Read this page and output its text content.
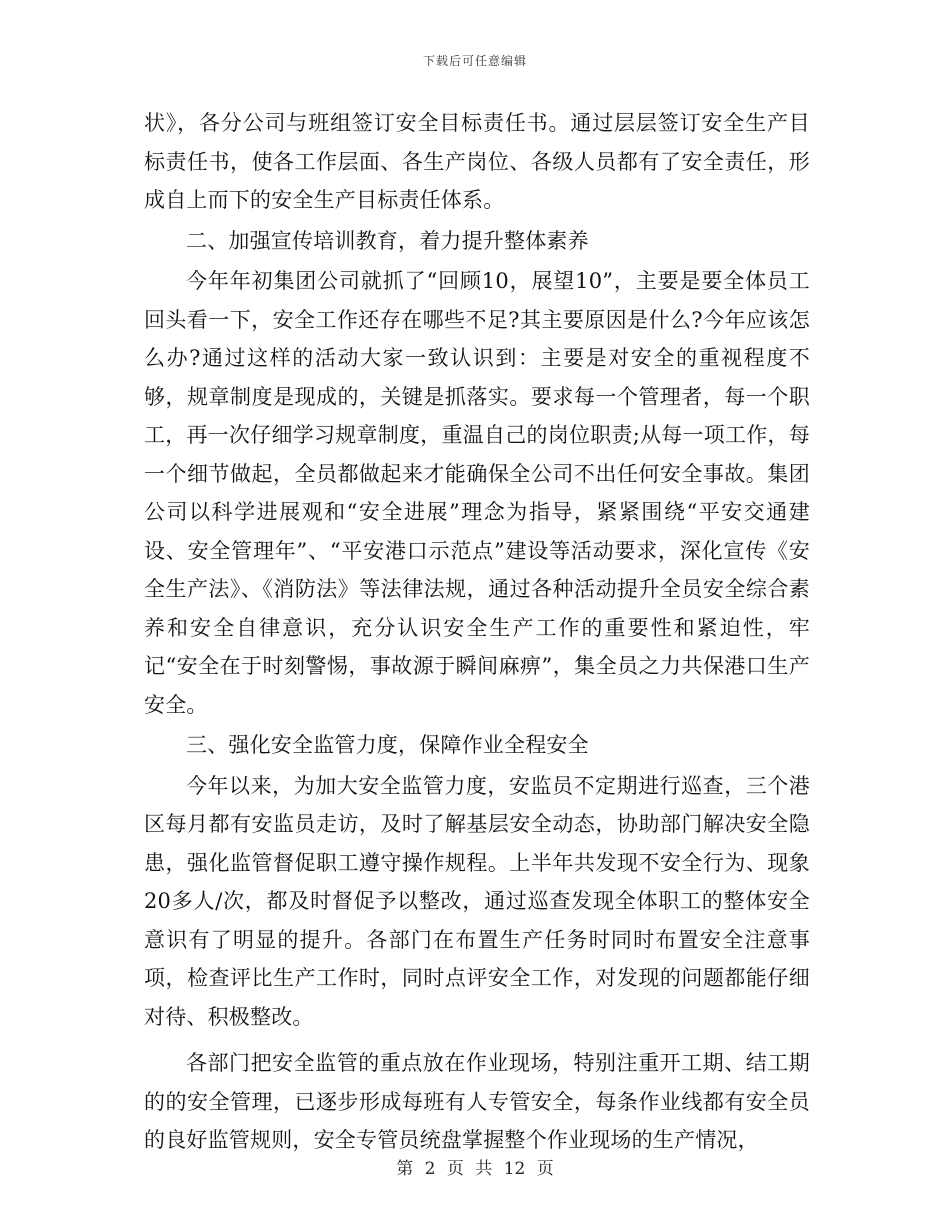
下载后可任意编辑

状》，各分公司与班组签订安全目标责任书。通过层层签订安全生产目标责任书，使各工作层面、各生产岗位、各级人员都有了安全责任，形成自上而下的安全生产目标责任体系。

二、加强宣传培训教育，着力提升整体素养

今年年初集团公司就抓了“回顾10，展望10”，主要是要全体员工回头看一下，安全工作还存在哪些不足?其主要原因是什么?今年应该怎么办?通过这样的活动大家一致认识到：主要是对安全的重视程度不够，规章制度是现成的，关键是抓落实。要求每一个管理者，每一个职工，再一次仔细学习规章制度，重温自己的岗位职责;从每一项工作，每一个细节做起，全员都做起来才能确保全公司不出任何安全事故。集团公司以科学进展观和“安全进展”理念为指导，紧紧围绕“平安交通建设、安全管理年”、“平安港口示范点”建设等活动要求，深化宣传《安全生产法》、《消防法》等法律法规，通过各种活动提升全员安全综合素养和安全自律意识，充分认识安全生产工作的重要性和紧迫性，牢记“安全在于时刻警惕，事故源于瞬间麻痹”，集全员之力共保港口生产安全。

三、强化安全监管力度，保障作业全程安全

今年以来，为加大安全监管力度，安监员不定期进行巡查，三个港区每月都有安监员走访，及时了解基层安全动态，协助部门解决安全隐患，强化监管督促职工遵守操作规程。上半年共发现不安全行为、现象20多人/次，都及时督促予以整改，通过巡查发现全体职工的整体安全意识有了明显的提升。各部门在布置生产任务时同时布置安全注意事项，检查评比生产工作时，同时点评安全工作，对发现的问题都能仔细对待、积极整改。

各部门把安全监管的重点放在作业现场，特别注重开工期、结工期的的安全管理，已逐步形成每班有人专管安全，每条作业线都有安全员的良好监管规则，安全专管员统盘掌握整个作业现场的生产情况，

第 2 页 共 12 页
